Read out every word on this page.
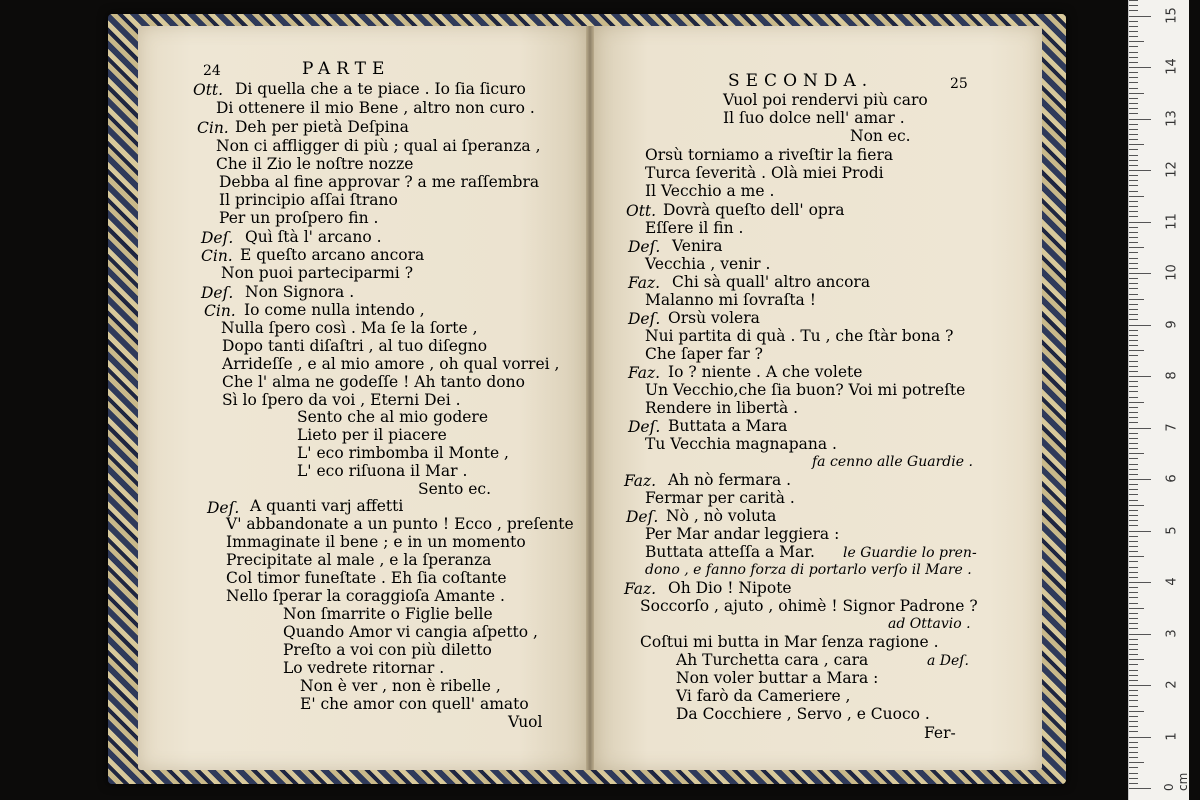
24	PARTE
Ott. Di quella che a te piace . Io ſia ſicuro
Di ottenere il mio Bene , altro non curo .
Cin. Deh per pietà Deſpina
Non ci affligger di più ; qual ai ſperanza ,
Che il Zio le noſtre nozze
Debba al fine approvar ? a me raſſembra
Il principio aſſai ſtrano
Per un proſpero fin .
Deſ. Quì ſtà l' arcano .
Cin. E queſto arcano ancora
Non puoi parteciparmi ?
Deſ. Non Signora .
Cin. Io come nulla intendo ,
Nulla ſpero così . Ma ſe la ſorte ,
Dopo tanti diſaſtri , al tuo diſegno
Arrideſſe , e al mio amore , oh qual vorrei ,
Che l' alma ne godeſſe ! Ah tanto dono
Sì lo ſpero da voi , Eterni Dei .
Sento che al mio godere
Lieto per il piacere
L' eco rimbomba il Monte ,
L' eco riſuona il Mar .
Sento ec.
Deſ. A quanti varj affetti
V' abbandonate a un punto ! Ecco , preſente
Immaginate il bene ; e in un momento
Precipitate al male , e la ſperanza
Col timor funeſtate . Eh ſia coſtante
Nello ſperar la coraggioſa Amante .
Non ſmarrite o Figlie belle
Quando Amor vi cangia aſpetto ,
Preſto a voi con più diletto
Lo vedrete ritornar .
Non è ver , non è ribelle ,
E' che amor con quell' amato
Vuol
SECONDA.	25
Vuol poi rendervi più caro
Il ſuo dolce nell' amar .
Non ec.
Orsù torniamo a riveſtir la fiera
Turca ſeverità . Olà miei Prodi
Il Vecchio a me .
Ott. Dovrà queſto dell' opra
Eſſere il fin .
Deſ. Venira
Vecchia , venir .
Faz. Chi sà quall' altro ancora
Malanno mi ſovraſta !
Deſ. Orsù volera
Nui partita di quà . Tu , che ſtàr bona ?
Che ſaper far ?
Faz. Io ? niente . A che volete
Un Vecchio,che ſia buon? Voi mi potreſte
Rendere in libertà .
Deſ. Buttata a Mara
Tu Vecchia magnapana .
fa cenno alle Guardie .
Faz. Ah nò fermara .
Fermar per carità .
Deſ. Nò , nò voluta
Per Mar andar leggiera :
Buttata atteſſa a Mar. le Guardie lo pren-
dono , e fanno forza di portarlo verſo il Mare .
Faz. Oh Dio ! Nipote
Soccorſo , ajuto , ohimè ! Signor Padrone ?
ad Ottavio .
Coſtui mi butta in Mar ſenza ragione .
Ah Turchetta cara , cara	a Deſ.
Non voler buttar a Mara :
Vi farò da Cameriere ,
Da Cocchiere , Servo , e Cuoco .
Fer-	1
2
3
4
5
6
7
8
9
10
11
12
13
14
15
0 cm
